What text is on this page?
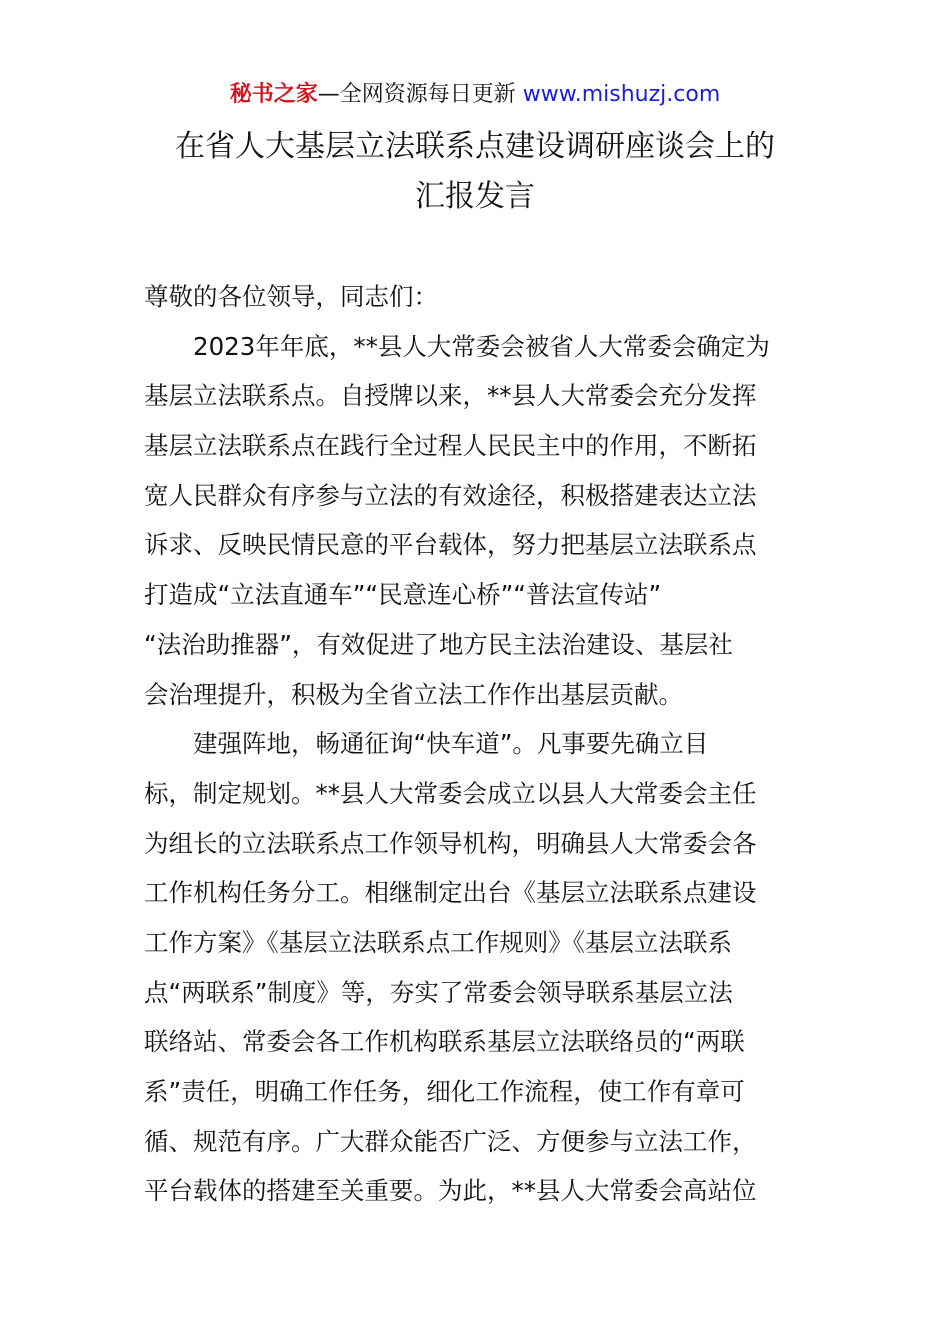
秘书之家—全网资源每日更新 www.mishuzj.com
在省人大基层立法联系点建设调研座谈会上的
汇报发言
尊敬的各位领导，同志们：
　　2023年年底，**县人大常委会被省人大常委会确定为
基层立法联系点。自授牌以来，**县人大常委会充分发挥
基层立法联系点在践行全过程人民民主中的作用，不断拓
宽人民群众有序参与立法的有效途径，积极搭建表达立法
诉求、反映民情民意的平台载体，努力把基层立法联系点
打造成“立法直通车”“民意连心桥”“普法宣传站”
“法治助推器”，有效促进了地方民主法治建设、基层社
会治理提升，积极为全省立法工作作出基层贡献。
　　建强阵地，畅通征询“快车道”。凡事要先确立目
标，制定规划。**县人大常委会成立以县人大常委会主任
为组长的立法联系点工作领导机构，明确县人大常委会各
工作机构任务分工。相继制定出台《基层立法联系点建设
工作方案》《基层立法联系点工作规则》《基层立法联系
点“两联系”制度》等，夯实了常委会领导联系基层立法
联络站、常委会各工作机构联系基层立法联络员的“两联
系”责任，明确工作任务，细化工作流程，使工作有章可
循、规范有序。广大群众能否广泛、方便参与立法工作，
平台载体的搭建至关重要。为此，**县人大常委会高站位
